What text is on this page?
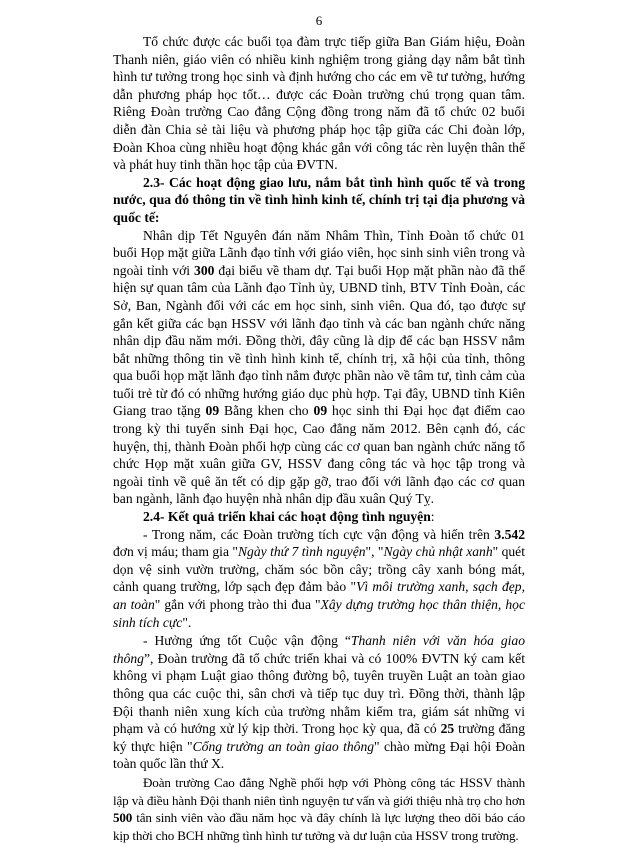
6

Tổ chức được các buổi tọa đàm trực tiếp giữa Ban Giám hiệu, Đoàn Thanh niên, giáo viên có nhiều kinh nghiệm trong giảng dạy nắm bắt tình hình tư tưởng trong học sinh và định hướng cho các em về tư tưởng, hướng dẫn phương pháp học tốt… được các Đoàn trường chú trọng quan tâm. Riêng Đoàn trường Cao đẳng Cộng đồng trong năm đã tổ chức 02 buổi diễn đàn Chia sẻ tài liệu và phương pháp học tập giữa các Chi đoàn lớp, Đoàn Khoa cùng nhiều hoạt động khác gắn với công tác rèn luyện thân thể và phát huy tinh thần học tập của ĐVTN.

2.3- Các hoạt động giao lưu, nắm bắt tình hình quốc tế và trong nước, qua đó thông tin về tình hình kinh tế, chính trị tại địa phương và quốc tế:

Nhân dịp Tết Nguyên đán năm Nhâm Thìn, Tỉnh Đoàn tổ chức 01 buổi Họp mặt giữa Lãnh đạo tỉnh với giáo viên, học sinh sinh viên trong và ngoài tỉnh với 300 đại biểu về tham dự. Tại buổi Họp mặt phần nào đã thể hiện sự quan tâm của Lãnh đạo Tỉnh ủy, UBND tỉnh, BTV Tỉnh Đoàn, các Sở, Ban, Ngành đối với các em học sinh, sinh viên. Qua đó, tạo được sự gắn kết giữa các bạn HSSV với lãnh đạo tỉnh và các ban ngành chức năng nhân dịp đầu năm mới. Đồng thời, đây cũng là dịp để các bạn HSSV nắm bắt những thông tin về tình hình kinh tế, chính trị, xã hội của tỉnh, thông qua buổi họp mặt lãnh đạo tỉnh nắm được phần nào về tâm tư, tình cảm của tuổi trẻ từ đó có những hướng giáo dục phù hợp. Tại đây, UBND tỉnh Kiên Giang trao tặng 09 Bằng khen cho 09 học sinh thi Đại học đạt điểm cao trong kỳ thi tuyển sinh Đại học, Cao đẳng năm 2012. Bên cạnh đó, các huyện, thị, thành Đoàn phối hợp cùng các cơ quan ban ngành chức năng tổ chức Họp mặt xuân giữa GV, HSSV đang công tác và học tập trong và ngoài tỉnh về quê ăn tết có dịp gặp gỡ, trao đổi với lãnh đạo các cơ quan ban ngành, lãnh đạo huyện nhà nhân dịp đầu xuân Quý Tỵ.

2.4- Kết quả triển khai các hoạt động tình nguyện:

- Trong năm, các Đoàn trường tích cực vận động và hiến trên 3.542 đơn vị máu; tham gia "Ngày thứ 7 tình nguyện", "Ngày chủ nhật xanh" quét dọn vệ sinh vườn trường, chăm sóc bồn cây; trồng cây xanh bóng mát, cảnh quang trường, lớp sạch đẹp đảm bảo "Vì môi trường xanh, sạch đẹp, an toàn" gắn với phong trào thi đua "Xây dựng trường học thân thiện, học sinh tích cực".

- Hưởng ứng tốt Cuộc vận động “Thanh niên với văn hóa giao thông”, Đoàn trường đã tổ chức triển khai và có 100% ĐVTN ký cam kết không vi phạm Luật giao thông đường bộ, tuyên truyền Luật an toàn giao thông qua các cuộc thi, sân chơi và tiếp tục duy trì. Đồng thời, thành lập Đội thanh niên xung kích của trường nhằm kiểm tra, giám sát những vi phạm và có hướng xử lý kịp thời. Trong học kỳ qua, đã có 25 trường đăng ký thực hiện "Cổng trường an toàn giao thông" chào mừng Đại hội Đoàn toàn quốc lần thứ X.

Đoàn trường Cao đẳng Nghề phối hợp với Phòng công tác HSSV thành lập và điều hành Đội thanh niên tình nguyện tư vấn và giới thiệu nhà trọ cho hơn 500 tân sinh viên vào đầu năm học và đây chính là lực lượng theo dõi báo cáo kịp thời cho BCH những tình hình tư tưởng và dư luận của HSSV trong trường.
